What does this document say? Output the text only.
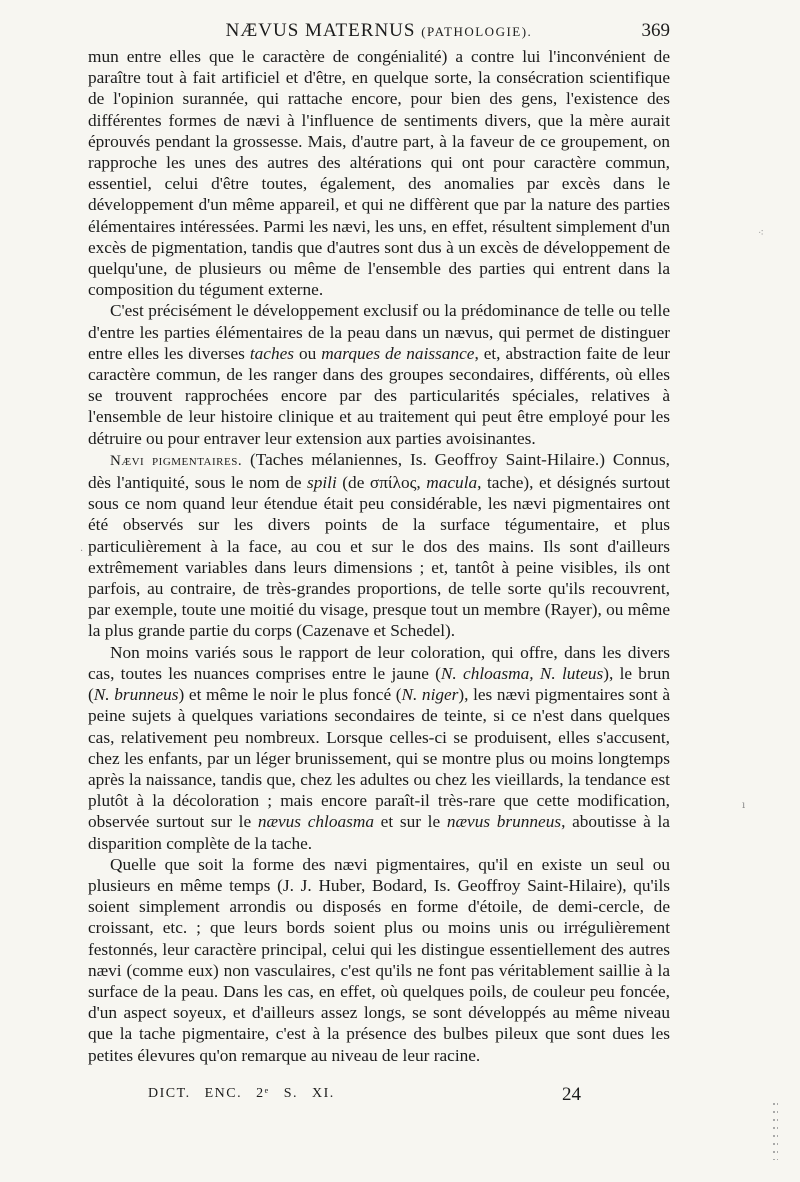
NÆVUS MATERNUS (PATHOLOGIE).	369

mun entre elles que le caractère de congénialité) a contre lui l'inconvénient de paraître tout à fait artificiel et d'être, en quelque sorte, la consécration scientifique de l'opinion surannée, qui rattache encore, pour bien des gens, l'existence des différentes formes de nævi à l'influence de sentiments divers, que la mère aurait éprouvés pendant la grossesse. Mais, d'autre part, à la faveur de ce groupement, on rapproche les unes des autres des altérations qui ont pour caractère commun, essentiel, celui d'être toutes, également, des anomalies par excès dans le développement d'un même appareil, et qui ne diffèrent que par la nature des parties élémentaires intéressées. Parmi les nævi, les uns, en effet, résultent simplement d'un excès de pigmentation, tandis que d'autres sont dus à un excès de développement de quelqu'une, de plusieurs ou même de l'ensemble des parties qui entrent dans la composition du tégument externe.

C'est précisément le développement exclusif ou la prédominance de telle ou telle d'entre les parties élémentaires de la peau dans un nævus, qui permet de distinguer entre elles les diverses taches ou marques de naissance, et, abstraction faite de leur caractère commun, de les ranger dans des groupes secondaires, différents, où elles se trouvent rapprochées encore par des particularités spéciales, relatives à l'ensemble de leur histoire clinique et au traitement qui peut être employé pour les détruire ou pour entraver leur extension aux parties avoisinantes.

Nævi pigmentaires. (Taches mélaniennes, Is. Geoffroy Saint-Hilaire.) Connus, dès l'antiquité, sous le nom de spili (de σπίλος, macula, tache), et désignés surtout sous ce nom quand leur étendue était peu considérable, les nævi pigmentaires ont été observés sur les divers points de la surface tégumentaire, et plus particulièrement à la face, au cou et sur le dos des mains. Ils sont d'ailleurs extrêmement variables dans leurs dimensions ; et, tantôt à peine visibles, ils ont parfois, au contraire, de très-grandes proportions, de telle sorte qu'ils recouvrent, par exemple, toute une moitié du visage, presque tout un membre (Rayer), ou même la plus grande partie du corps (Cazenave et Schedel).

Non moins variés sous le rapport de leur coloration, qui offre, dans les divers cas, toutes les nuances comprises entre le jaune (N. chloasma, N. luteus), le brun (N. brunneus) et même le noir le plus foncé (N. niger), les nævi pigmentaires sont à peine sujets à quelques variations secondaires de teinte, si ce n'est dans quelques cas, relativement peu nombreux. Lorsque celles-ci se produisent, elles s'accusent, chez les enfants, par un léger brunissement, qui se montre plus ou moins longtemps après la naissance, tandis que, chez les adultes ou chez les vieillards, la tendance est plutôt à la décoloration ; mais encore paraît-il très-rare que cette modification, observée surtout sur le nævus chloasma et sur le nævus brunneus, aboutisse à la disparition complète de la tache.

Quelle que soit la forme des nævi pigmentaires, qu'il en existe un seul ou plusieurs en même temps (J. J. Huber, Bodard, Is. Geoffroy Saint-Hilaire), qu'ils soient simplement arrondis ou disposés en forme d'étoile, de demi-cercle, de croissant, etc. ; que leurs bords soient plus ou moins unis ou irrégulièrement festonnés, leur caractère principal, celui qui les distingue essentiellement des autres nævi (comme eux) non vasculaires, c'est qu'ils ne font pas véritablement saillie à la surface de la peau. Dans les cas, en effet, où quelques poils, de couleur peu foncée, d'un aspect soyeux, et d'ailleurs assez longs, se sont développés au même niveau que la tache pigmentaire, c'est à la présence des bulbes pileux que sont dues les petites élevures qu'on remarque au niveau de leur racine.

DICT. ENC. 2ᵉ S. XI.	24
⁖
ı
·
